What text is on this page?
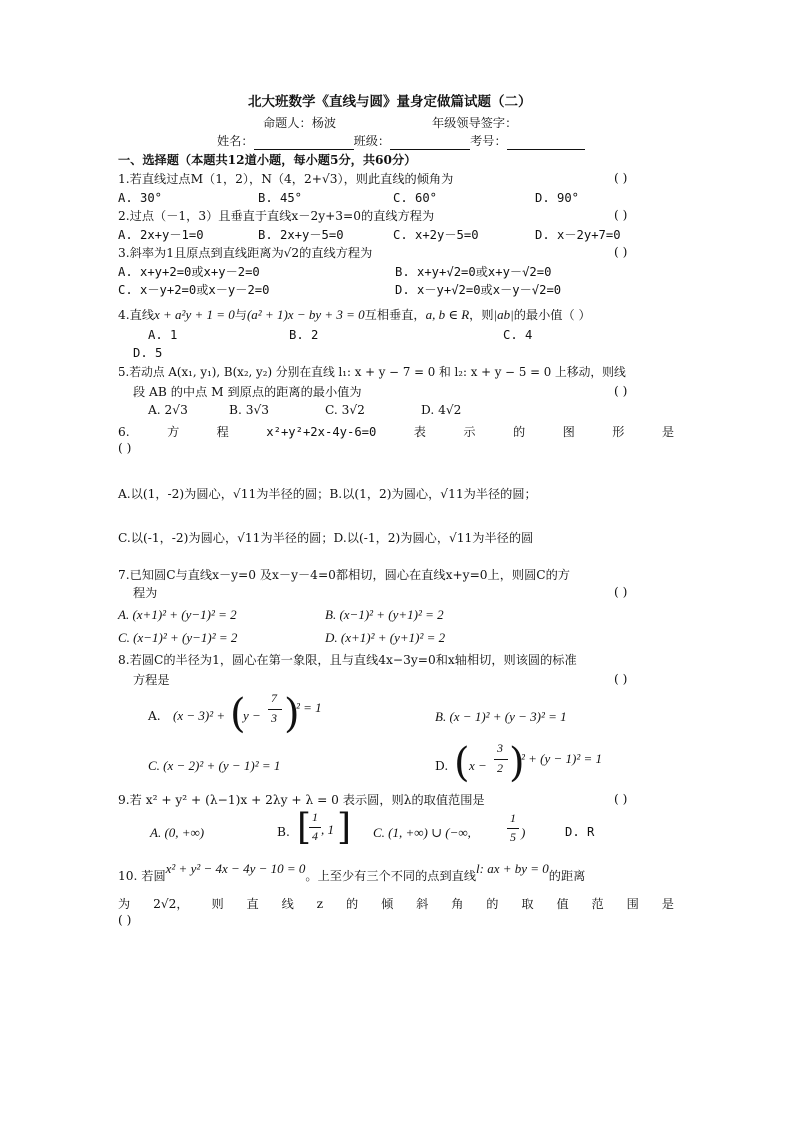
北大班数学《直线与圆》量身定做篇试题（二）
命题人：杨波	年级领导签字：
姓名：	班级：	考号：
一、选择题（本题共12道小题，每小题5分，共60分）
1.若直线过点M（1，2），N（4，2+√3），则此直线的倾角为	( )
A. 30°	B. 45°	C. 60°	D. 90°
2.过点（－1，3）且垂直于直线x－2y+3=0的直线方程为	( )
A. 2x+y－1=0	B. 2x+y－5=0	C. x+2y－5=0	D. x－2y+7=0
3.斜率为1且原点到直线距离为√2的直线方程为	( )
A. x+y+2=0或x+y－2=0	B. x+y+√2=0或x+y－√2=0
C. x－y+2=0或x－y－2=0	D. x－y+√2=0或x－y－√2=0
4.直线x + a²y + 1 = 0与(a² + 1)x − by + 3 = 0互相垂直，a, b ∈ R，则|ab|的最小值（ ）
A. 1	B. 2	C. 4
D. 5
5.若动点 A(x₁, y₁), B(x₂, y₂) 分别在直线 l₁: x + y − 7 = 0 和 l₂: x + y − 5 = 0 上移动，则线
段 AB 的中点 M 到原点的距离的最小值为	( )
A. 2√3	B. 3√3	C. 3√2	D. 4√2
6.	方	程	x²+y²+2x-4y-6=0	表	示	的	图	形	是
( )
A.以(1，-2)为圆心，√11为半径的圆；B.以(1，2)为圆心，√11为半径的圆；
C.以(-1，-2)为圆心，√11为半径的圆；D.以(-1，2)为圆心，√11为半径的圆
7.已知圆C与直线x－y=0 及x－y－4=0都相切，圆心在直线x+y=0上，则圆C的方
程为	( )
A. (x+1)² + (y−1)² = 2	B. (x−1)² + (y+1)² = 2
C. (x−1)² + (y−1)² = 2	D. (x+1)² + (y+1)² = 2
8.若圆C的半径为1，圆心在第一象限，且与直线4x−3y=0和x轴相切，则该圆的标准
方程是	( )
A. (x − 3)² + (
y −
7
3 )
² = 1
B. (x − 1)² + (y − 3)² = 1
C. (x − 2)² + (y − 1)² = 1	D. ( x −
3
2 )
² + (y − 1)² = 1
9.若 x² + y² + (λ−1)x + 2λy + λ = 0 表示圆，则λ的取值范围是	( )
A. (0, +∞)	B. [ 1
4 , 1 ] C. (1, +∞) ∪ (−∞,
1
5 )	D. R
10. 若圆x² + y² − 4x − 4y − 10 = 0。上至少有三个不同的点到直线l: ax + by = 0的距离
为 2√2， 则 直 线 z 的 倾 斜 角 的 取 值 范 围 是
( )
